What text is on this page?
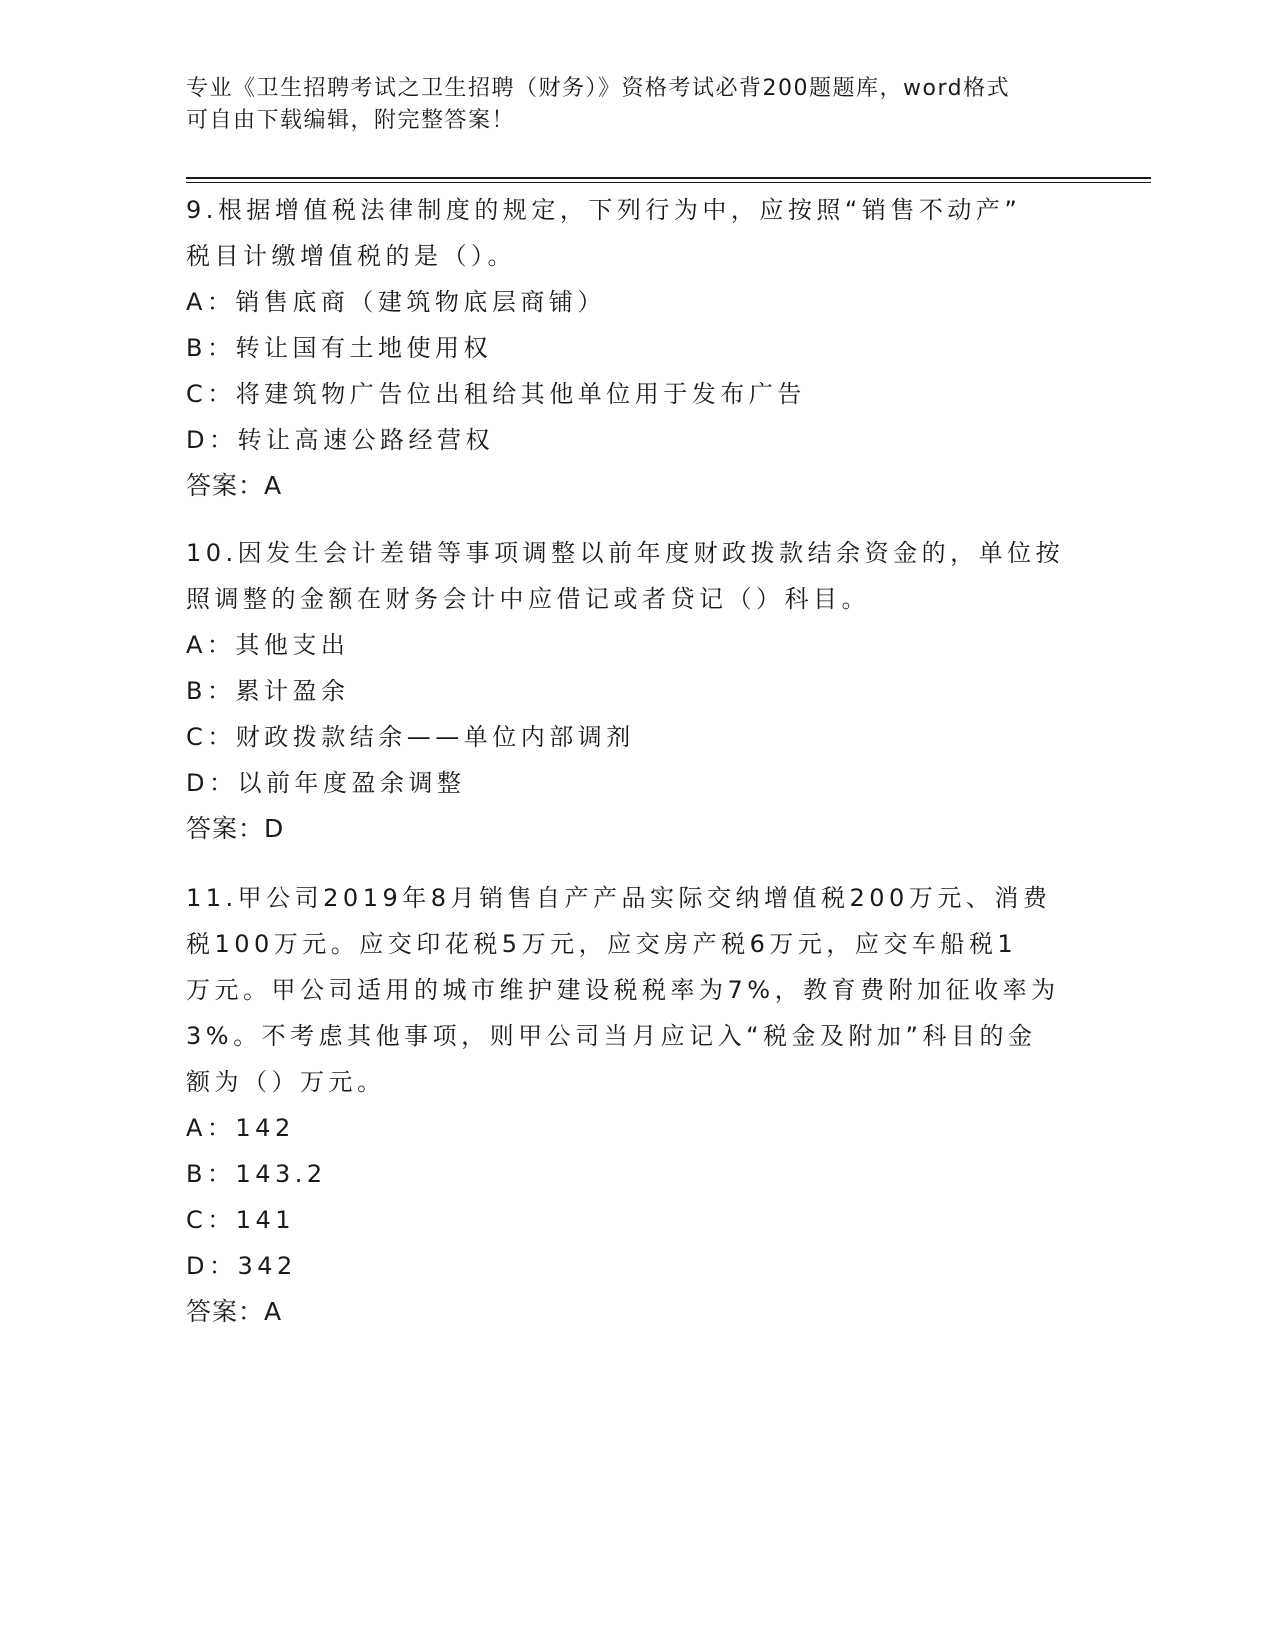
专业《卫生招聘考试之卫生招聘（财务）》资格考试必背200题题库，word格式
可自由下载编辑，附完整答案！

9.根据增值税法律制度的规定，下列行为中，应按照“销售不动产”

税目计缴增值税的是（）。

A：销售底商（建筑物底层商铺）

B：转让国有土地使用权

C：将建筑物广告位出租给其他单位用于发布广告

D：转让高速公路经营权

答案：A

10.因发生会计差错等事项调整以前年度财政拨款结余资金的，单位按

照调整的金额在财务会计中应借记或者贷记（）科目。

A：其他支出

B：累计盈余

C：财政拨款结余——单位内部调剂

D：以前年度盈余调整

答案：D

11.甲公司2019年8月销售自产产品实际交纳增值税200万元、消费

税100万元。应交印花税5万元，应交房产税6万元，应交车船税1

万元。甲公司适用的城市维护建设税税率为7%，教育费附加征收率为

3%。不考虑其他事项，则甲公司当月应记入“税金及附加”科目的金

额为（）万元。

A：142

B：143.2

C：141

D：342

答案：A
